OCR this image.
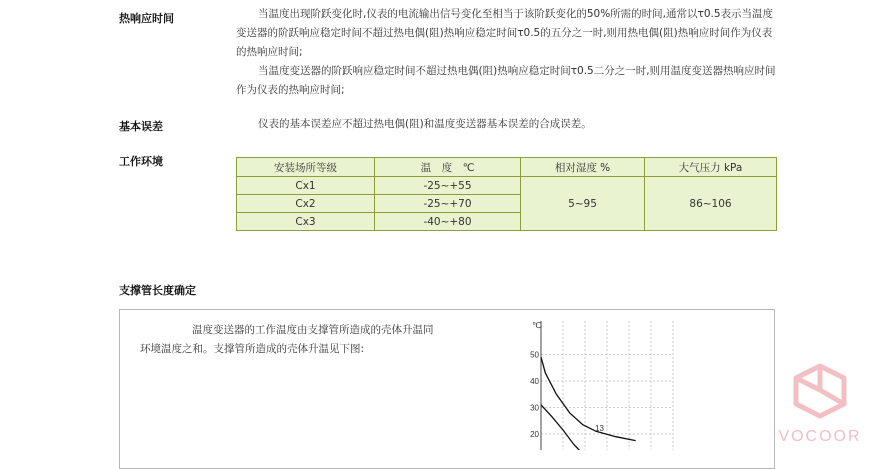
热响应时间	当温度出现阶跃变化时,仪表的电流输出信号变化至相当于该阶跃变化的50%所需的时间,通常以τ0.5表示当温度变送器的阶跃响应稳定时间不超过热电偶(阻)热响应稳定时间τ0.5的五分之一时,则用热电偶(阻)热响应时间作为仪表的热响应时间;

当温度变送器的阶跃响应稳定时间不超过热电偶(阻)热响应稳定时间τ0.5二分之一时,则用温度变送器热响应时间作为仪表的热响应时间;

基本误差	仪表的基本误差应不超过热电偶(阻)和温度变送器基本误差的合成误差。

工作环境	安装场所等级	温　度　℃	相对湿度 %	大气压力 kPa
Cx1	-25~+55	5~95	86~106
Cx2	-25~+70		
Cx3	-40~+80		
支撑管长度确定

温度变送器的工作温度由支撑管所造成的壳体升温同环境温度之和。支撑管所造成的壳体升温见下图:

20
30
40
50
℃
13	VOCOOR
